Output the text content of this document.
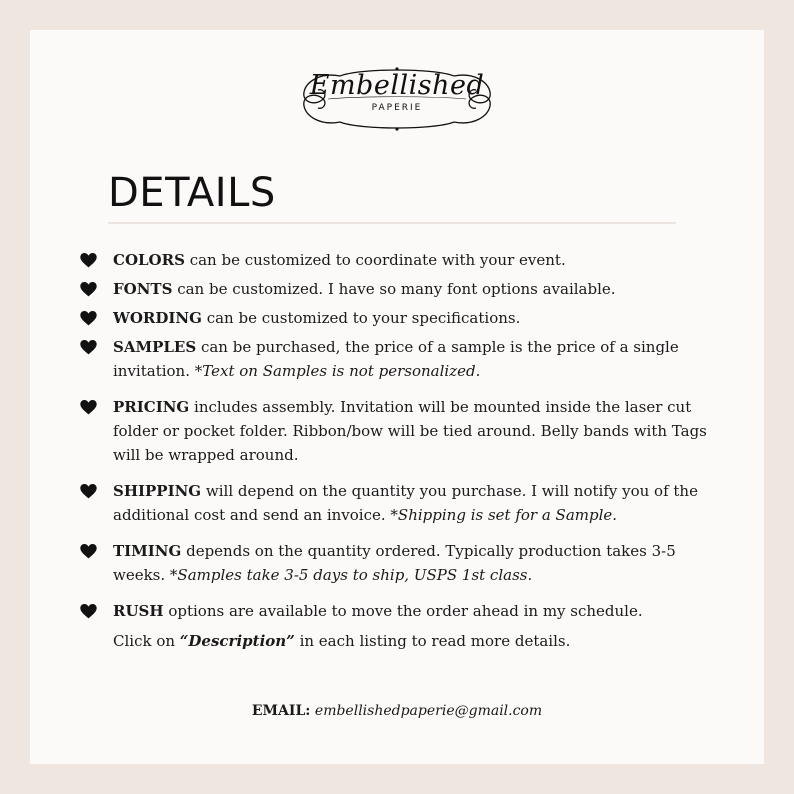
Embellished
PAPERIE
DETAILS
COLORS can be customized to coordinate with your event.
FONTS can be customized. I have so many font options available.
WORDING can be customized to your specifications.
SAMPLES can be purchased, the price of a sample is the price of a single invitation. *Text on Samples is not personalized.
PRICING includes assembly. Invitation will be mounted inside the laser cut folder or pocket folder. Ribbon/bow will be tied around. Belly bands with Tags will be wrapped around.
SHIPPING will depend on the quantity you purchase. I will notify you of the additional cost and send an invoice. *Shipping is set for a Sample.
TIMING depends on the quantity ordered. Typically production takes 3-5 weeks. *Samples take 3-5 days to ship, USPS 1st class.
RUSH options are available to move the order ahead in my schedule.
Click on “Description” in each listing to read more details.
EMAIL: embellishedpaperie@gmail.com
